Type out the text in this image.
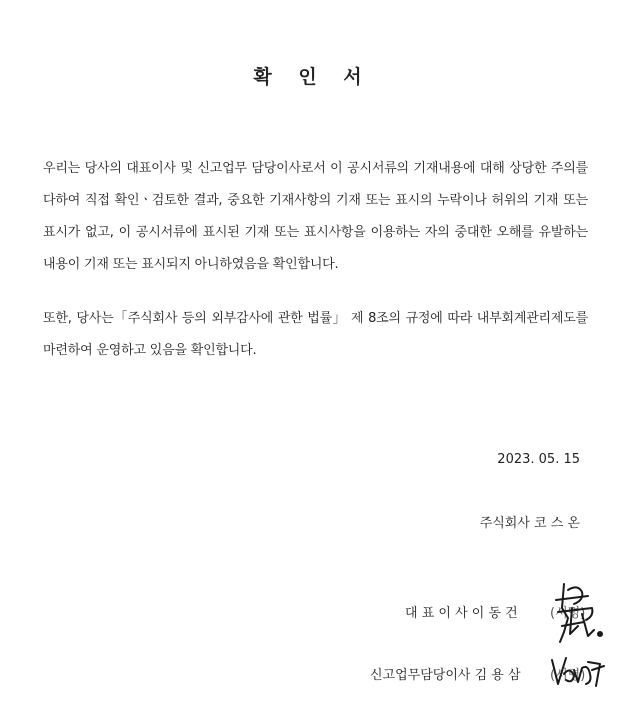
확 인 서
우리는 당사의 대표이사 및 신고업무 담당이사로서 이 공시서류의 기재내용에 대해 상당한 주의를 다하여 직접 확인ㆍ검토한 결과, 중요한 기재사항의 기재 또는 표시의 누락이나 허위의 기재 또는 표시가 없고, 이 공시서류에 표시된 기재 또는 표시사항을 이용하는 자의 중대한 오해를 유발하는 내용이 기재 또는 표시되지 아니하였음을 확인합니다.
또한, 당사는「주식회사 등의 외부감사에 관한 법률」 제 8조의 규정에 따라 내부회계관리제도를 마련하여 운영하고 있음을 확인합니다.
2023. 05. 15
주식회사 코 스 온
대 표 이 사 이 동 건 (서명)
신고업무담당이사 김 용 삼 (서명)
